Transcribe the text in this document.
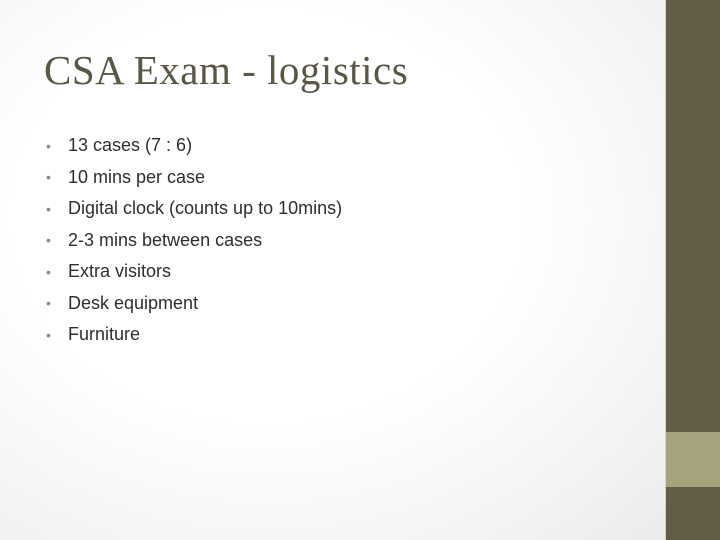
CSA Exam - logistics
• 13 cases (7 : 6)
• 10 mins per case
• Digital clock (counts up to 10mins)
• 2-3 mins between cases
• Extra visitors
• Desk equipment
• Furniture
